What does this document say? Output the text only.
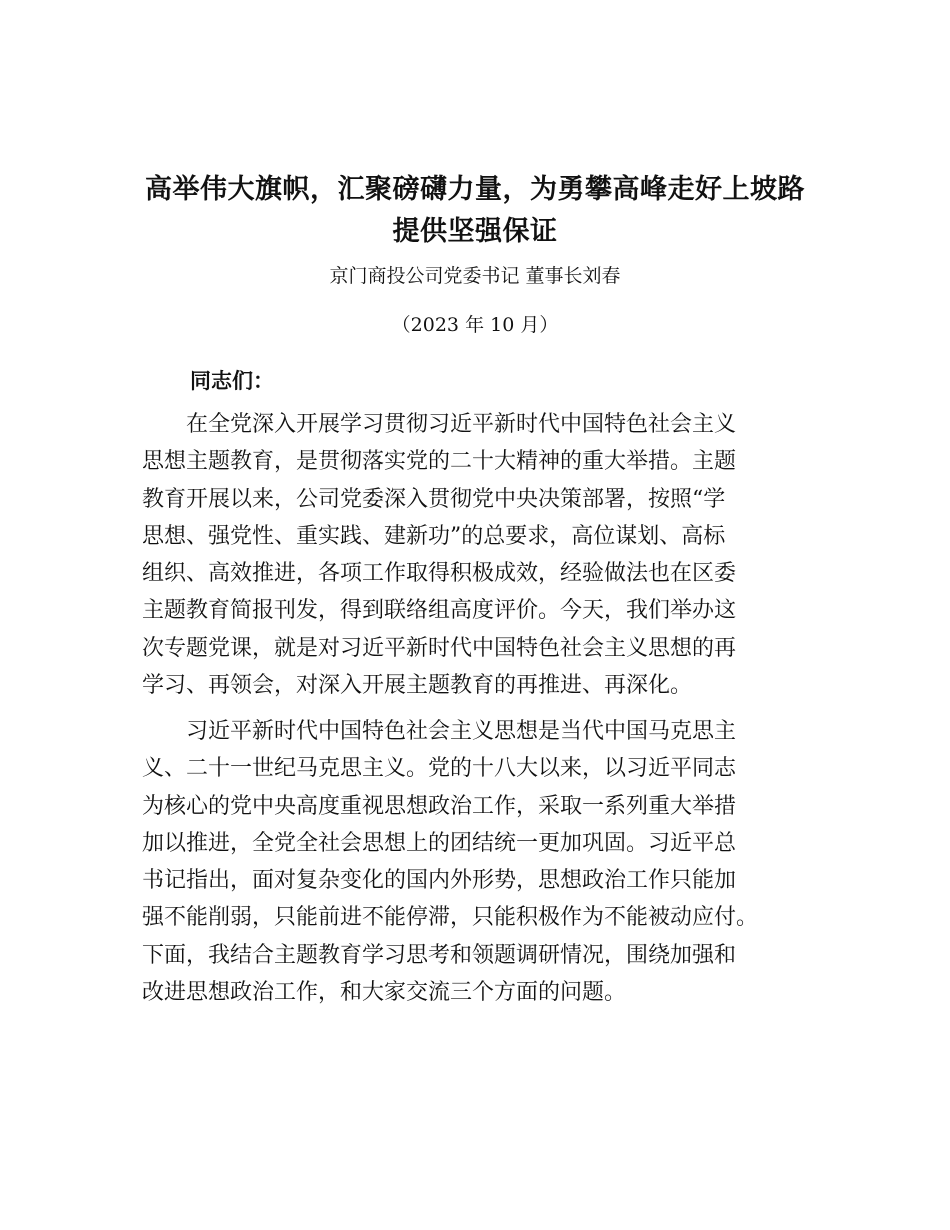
高举伟大旗帜，汇聚磅礴力量，为勇攀高峰走好上坡路
提供坚强保证
京门商投公司党委书记 董事长刘春
（2023 年 10 月）
同志们：

在全党深入开展学习贯彻习近平新时代中国特色社会主义
思想主题教育，是贯彻落实党的二十大精神的重大举措。主题
教育开展以来，公司党委深入贯彻党中央决策部署，按照“学
思想、强党性、重实践、建新功”的总要求，高位谋划、高标
组织、高效推进，各项工作取得积极成效，经验做法也在区委
主题教育简报刊发，得到联络组高度评价。今天，我们举办这
次专题党课，就是对习近平新时代中国特色社会主义思想的再
学习、再领会，对深入开展主题教育的再推进、再深化。

习近平新时代中国特色社会主义思想是当代中国马克思主
义、二十一世纪马克思主义。党的十八大以来，以习近平同志
为核心的党中央高度重视思想政治工作，采取一系列重大举措
加以推进，全党全社会思想上的团结统一更加巩固。习近平总
书记指出，面对复杂变化的国内外形势，思想政治工作只能加
强不能削弱，只能前进不能停滞，只能积极作为不能被动应付。
下面，我结合主题教育学习思考和领题调研情况，围绕加强和
改进思想政治工作，和大家交流三个方面的问题。
